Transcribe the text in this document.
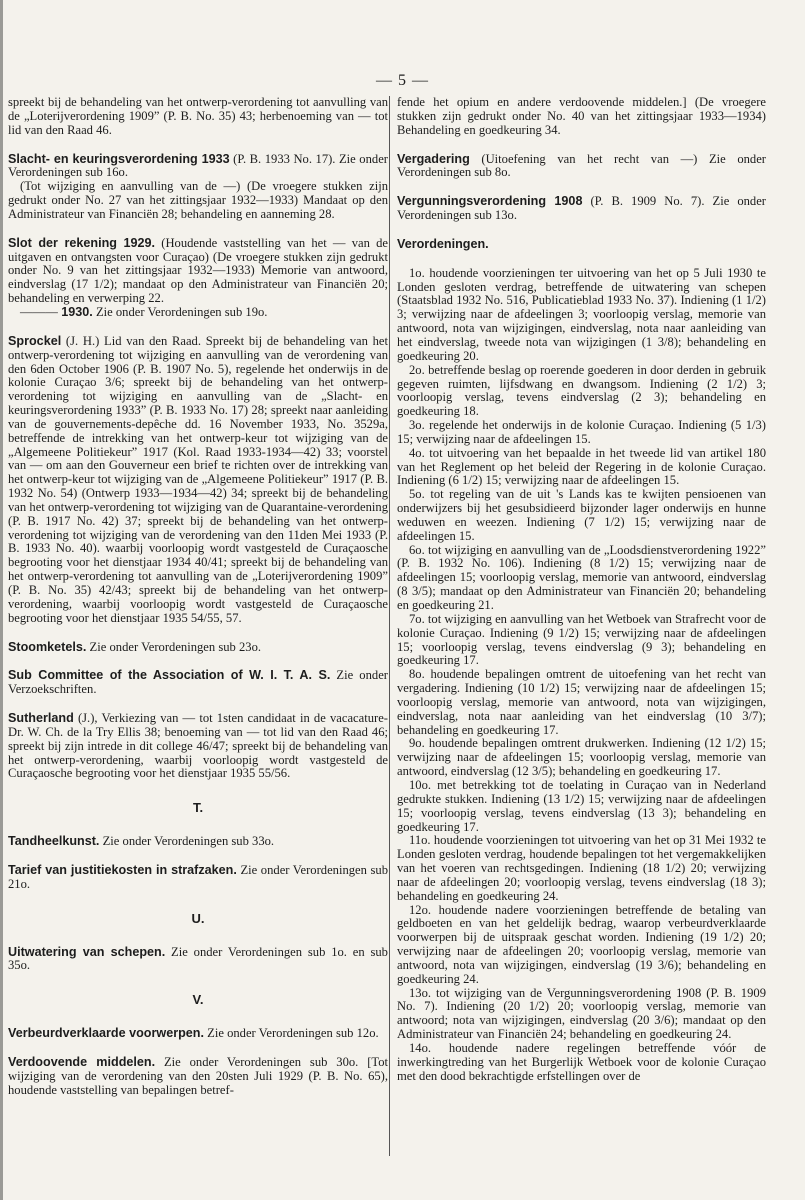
— 5 —

spreekt bij de behandeling van het ontwerp-verordening tot aanvulling van de „Loterijverordening 1909” (P. B. No. 35) 43; herbenoeming van — tot lid van den Raad 46.

Slacht- en keuringsverordening 1933 (P. B. 1933 No. 17). Zie onder Verordeningen sub 16o.

(Tot wijziging en aanvulling van de —) (De vroegere stukken zijn gedrukt onder No. 27 van het zittingsjaar 1932—1933) Mandaat op den Administrateur van Financiën 28; behandeling en aanneming 28.

Slot der rekening 1929. (Houdende vaststelling van het — van de uitgaven en ontvangsten voor Curaçao) (De vroegere stukken zijn gedrukt onder No. 9 van het zittingsjaar 1932—1933) Memorie van antwoord, eindverslag (17 1/2); mandaat op den Administrateur van Financiën 20; behandeling en verwerping 22.

——— 1930. Zie onder Verordeningen sub 19o.

Sprockel (J. H.) Lid van den Raad. Spreekt bij de behandeling van het ontwerp-verordening tot wijziging en aanvulling van de verordening van den 6den October 1906 (P. B. 1907 No. 5), regelende het onderwijs in de kolonie Curaçao 3/6; spreekt bij de behandeling van het ontwerp-verordening tot wijziging en aanvulling van de „Slacht- en keuringsverordening 1933” (P. B. 1933 No. 17) 28; spreekt naar aanleiding van de gouvernements-depêche dd. 16 November 1933, No. 3529a, betreffende de intrekking van het ontwerp-keur tot wijziging van de „Algemeene Politiekeur” 1917 (Kol. Raad 1933-1934—42) 33; voorstel van — om aan den Gouverneur een brief te richten over de intrekking van het ontwerp-keur tot wijziging van de „Algemeene Politiekeur” 1917 (P. B. 1932 No. 54) (Ontwerp 1933—1934—42) 34; spreekt bij de behandeling van het ontwerp-verordening tot wijziging van de Quarantaine-verordening (P. B. 1917 No. 42) 37; spreekt bij de behandeling van het ontwerp-verordening tot wijziging van de verordening van den 11den Mei 1933 (P. B. 1933 No. 40). waarbij voorloopig wordt vastgesteld de Curaçaosche begrooting voor het dienstjaar 1934 40/41; spreekt bij de behandeling van het ontwerp-verordening tot aanvulling van de „Loterijverordening 1909” (P. B. No. 35) 42/43; spreekt bij de behandeling van het ontwerp-verordening, waarbij voorloopig wordt vastgesteld de Curaçaosche begrooting voor het dienstjaar 1935 54/55, 57.

Stoomketels. Zie onder Verordeningen sub 23o.

Sub Committee of the Association of W. I. T. A. S. Zie onder Verzoekschriften.

Sutherland (J.), Verkiezing van — tot 1sten candidaat in de vacacature-Dr. W. Ch. de la Try Ellis 38; benoeming van — tot lid van den Raad 46; spreekt bij zijn intrede in dit college 46/47; spreekt bij de behandeling van het ontwerp-verordening, waarbij voorloopig wordt vastgesteld de Curaçaosche begrooting voor het dienstjaar 1935 55/56.

T.

Tandheelkunst. Zie onder Verordeningen sub 33o.

Tarief van justitiekosten in strafzaken. Zie onder Verordeningen sub 21o.

U.

Uitwatering van schepen. Zie onder Verordeningen sub 1o. en sub 35o.

V.

Verbeurdverklaarde voorwerpen. Zie onder Verordeningen sub 12o.

Verdoovende middelen. Zie onder Verordeningen sub 30o. [Tot wijziging van de verordening van den 20sten Juli 1929 (P. B. No. 65), houdende vaststelling van bepalingen betref-

fende het opium en andere verdoovende middelen.] (De vroegere stukken zijn gedrukt onder No. 40 van het zittingsjaar 1933—1934) Behandeling en goedkeuring 34.

Vergadering (Uitoefening van het recht van —) Zie onder Verordeningen sub 8o.

Vergunningsverordening 1908 (P. B. 1909 No. 7). Zie onder Verordeningen sub 13o.

Verordeningen.

1o. houdende voorzieningen ter uitvoering van het op 5 Juli 1930 te Londen gesloten verdrag, betreffende de uitwatering van schepen (Staatsblad 1932 No. 516, Publicatieblad 1933 No. 37). Indiening (1 1/2) 3; verwijzing naar de afdeelingen 3; voorloopig verslag, memorie van antwoord, nota van wijzigingen, eindverslag, nota naar aanleiding van het eindverslag, tweede nota van wijzigingen (1 3/8); behandeling en goedkeuring 20.

2o. betreffende beslag op roerende goederen in door derden in gebruik gegeven ruimten, lijfsdwang en dwangsom. Indiening (2 1/2) 3; voorloopig verslag, tevens eindverslag (2 3); behandeling en goedkeuring 18.

3o. regelende het onderwijs in de kolonie Curaçao. Indiening (5 1/3) 15; verwijzing naar de afdeelingen 15.

4o. tot uitvoering van het bepaalde in het tweede lid van artikel 180 van het Reglement op het beleid der Regering in de kolonie Curaçao. Indiening (6 1/2) 15; verwijzing naar de afdeelingen 15.

5o. tot regeling van de uit 's Lands kas te kwijten pensioenen van onderwijzers bij het gesubsidieerd bijzonder lager onderwijs en hunne weduwen en weezen. Indiening (7 1/2) 15; verwijzing naar de afdeelingen 15.

6o. tot wijziging en aanvulling van de „Loodsdienstverordening 1922” (P. B. 1932 No. 106). Indiening (8 1/2) 15; verwijzing naar de afdeelingen 15; voorloopig verslag, memorie van antwoord, eindverslag (8 3/5); mandaat op den Administrateur van Financiën 20; behandeling en goedkeuring 21.

7o. tot wijziging en aanvulling van het Wetboek van Strafrecht voor de kolonie Curaçao. Indiening (9 1/2) 15; verwijzing naar de afdeelingen 15; voorloopig verslag, tevens eindverslag (9 3); behandeling en goedkeuring 17.

8o. houdende bepalingen omtrent de uitoefening van het recht van vergadering. Indiening (10 1/2) 15; verwijzing naar de afdeelingen 15; voorloopig verslag, memorie van antwoord, nota van wijzigingen, eindverslag, nota naar aanleiding van het eindverslag (10 3/7); behandeling en goedkeuring 17.

9o. houdende bepalingen omtrent drukwerken. Indiening (12 1/2) 15; verwijzing naar de afdeelingen 15; voorloopig verslag, memorie van antwoord, eindverslag (12 3/5); behandeling en goedkeuring 17.

10o. met betrekking tot de toelating in Curaçao van in Nederland gedrukte stukken. Indiening (13 1/2) 15; verwijzing naar de afdeelingen 15; voorloopig verslag, tevens eindverslag (13 3); behandeling en goedkeuring 17.

11o. houdende voorzieningen tot uitvoering van het op 31 Mei 1932 te Londen gesloten verdrag, houdende bepalingen tot het vergemakkelijken van het voeren van rechtsgedingen. Indiening (18 1/2) 20; verwijzing naar de afdeelingen 20; voorloopig verslag, tevens eindverslag (18 3); behandeling en goedkeuring 24.

12o. houdende nadere voorzieningen betreffende de betaling van geldboeten en van het geldelijk bedrag, waarop verbeurdverklaarde voorwerpen bij de uitspraak geschat worden. Indiening (19 1/2) 20; verwijzing naar de afdeelingen 20; voorloopig verslag, memorie van antwoord, nota van wijzigingen, eindverslag (19 3/6); behandeling en goedkeuring 24.

13o. tot wijziging van de Vergunningsverordening 1908 (P. B. 1909 No. 7). Indiening (20 1/2) 20; voorloopig verslag, memorie van antwoord; nota van wijzigingen, eindverslag (20 3/6); mandaat op den Administrateur van Financiën 24; behandeling en goedkeuring 24.

14o. houdende nadere regelingen betreffende vóór de inwerkingtreding van het Burgerlijk Wetboek voor de kolonie Curaçao met den dood bekrachtigde erfstellingen over de
